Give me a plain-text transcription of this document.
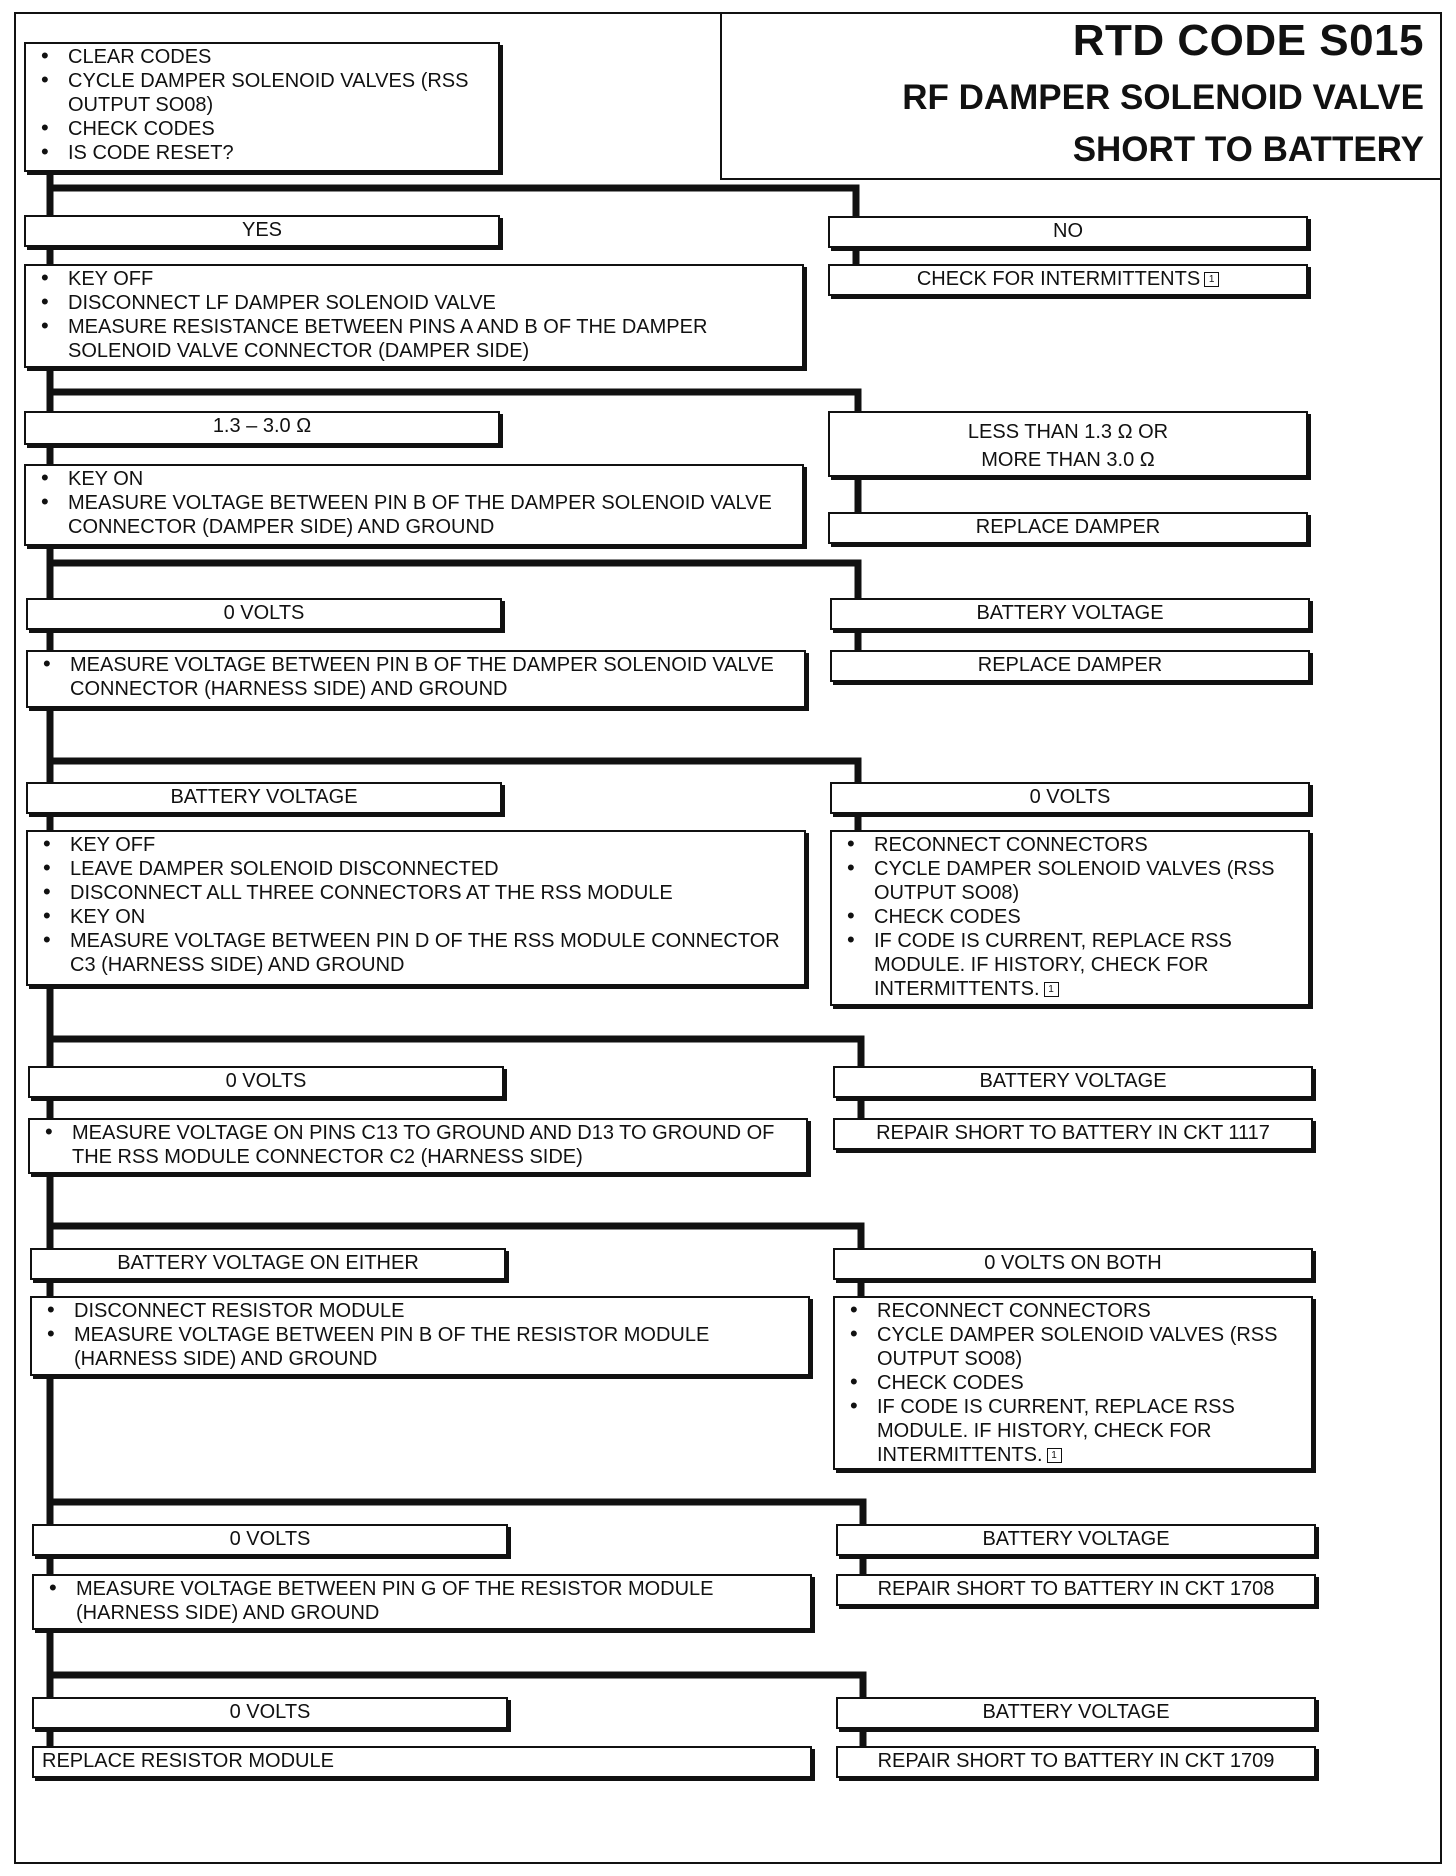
RTD CODE S015
RF DAMPER SOLENOID VALVE
SHORT TO BATTERY
• CLEAR CODES
• CYCLE DAMPER SOLENOID VALVES (RSS OUTPUT SO08)
• CHECK CODES
• IS CODE RESET?
YES	NO
• KEY OFF
• DISCONNECT LF DAMPER SOLENOID VALVE
• MEASURE RESISTANCE BETWEEN PINS A AND B OF THE DAMPER SOLENOID VALVE CONNECTOR (DAMPER SIDE)
CHECK FOR INTERMITTENTS 1
1.3 – 3.0 Ω	LESS THAN 1.3 Ω OR
MORE THAN 3.0 Ω
• KEY ON
• MEASURE VOLTAGE BETWEEN PIN B OF THE DAMPER SOLENOID VALVE CONNECTOR (DAMPER SIDE) AND GROUND	REPLACE DAMPER
0 VOLTS	BATTERY VOLTAGE
• MEASURE VOLTAGE BETWEEN PIN B OF THE DAMPER SOLENOID VALVE CONNECTOR (HARNESS SIDE) AND GROUND
REPLACE DAMPER
BATTERY VOLTAGE	0 VOLTS
• KEY OFF
• LEAVE DAMPER SOLENOID DISCONNECTED
• DISCONNECT ALL THREE CONNECTORS AT THE RSS MODULE
• KEY ON
• MEASURE VOLTAGE BETWEEN PIN D OF THE RSS MODULE CONNECTOR C3 (HARNESS SIDE) AND GROUND
• RECONNECT CONNECTORS
• CYCLE DAMPER SOLENOID VALVES (RSS OUTPUT SO08)
• CHECK CODES
• IF CODE IS CURRENT, REPLACE RSS MODULE. IF HISTORY, CHECK FOR INTERMITTENTS. 1
0 VOLTS	BATTERY VOLTAGE
• MEASURE VOLTAGE ON PINS C13 TO GROUND AND D13 TO GROUND OF THE RSS MODULE CONNECTOR C2 (HARNESS SIDE)
REPAIR SHORT TO BATTERY IN CKT 1117
BATTERY VOLTAGE ON EITHER	0 VOLTS ON BOTH
• DISCONNECT RESISTOR MODULE
• MEASURE VOLTAGE BETWEEN PIN B OF THE RESISTOR MODULE (HARNESS SIDE) AND GROUND
• RECONNECT CONNECTORS
• CYCLE DAMPER SOLENOID VALVES (RSS OUTPUT SO08)
• CHECK CODES
• IF CODE IS CURRENT, REPLACE RSS MODULE. IF HISTORY, CHECK FOR INTERMITTENTS. 1
0 VOLTS	BATTERY VOLTAGE
• MEASURE VOLTAGE BETWEEN PIN G OF THE RESISTOR MODULE (HARNESS SIDE) AND GROUND
REPAIR SHORT TO BATTERY IN CKT 1708
0 VOLTS	BATTERY VOLTAGE
REPLACE RESISTOR MODULE	REPAIR SHORT TO BATTERY IN CKT 1709
